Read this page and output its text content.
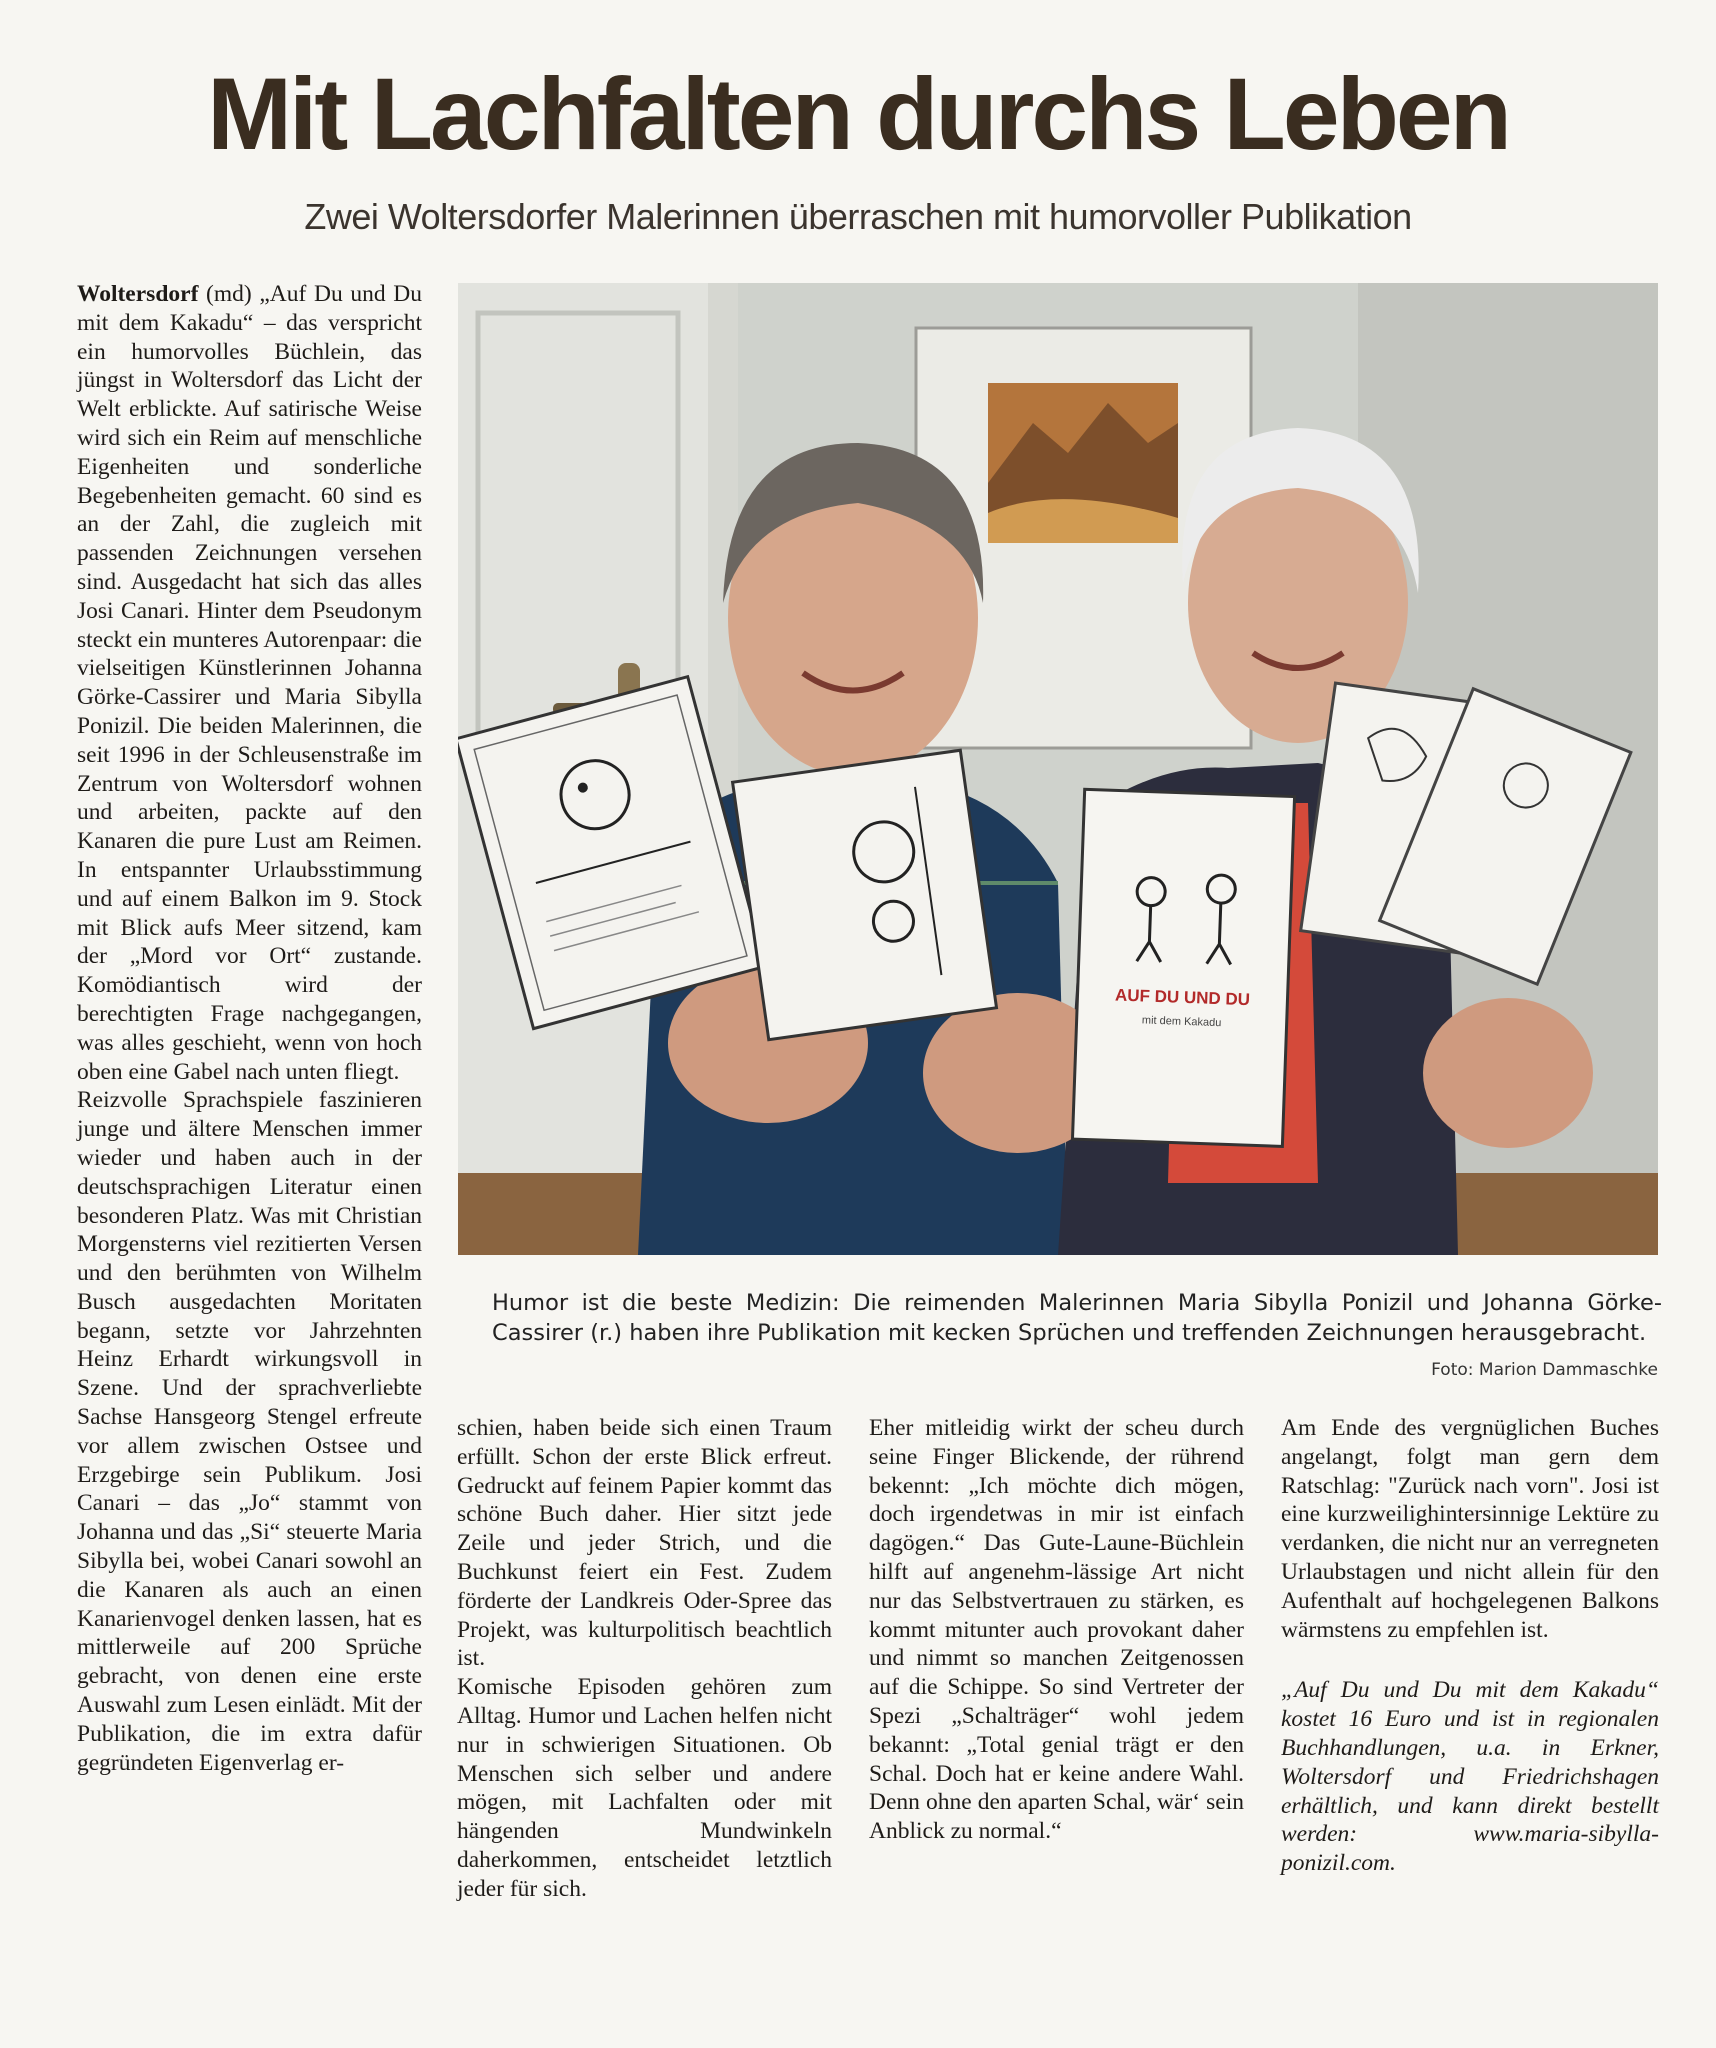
Mit Lachfalten durchs Leben
Zwei Woltersdorfer Malerinnen überraschen mit humorvoller Publikation

Woltersdorf (md) „Auf Du und Du mit dem Kakadu“ – das verspricht ein humorvolles Büchlein, das jüngst in Woltersdorf das Licht der Welt erblickte. Auf satirische Weise wird sich ein Reim auf menschliche Eigenheiten und sonderliche Begebenheiten gemacht. 60 sind es an der Zahl, die zugleich mit passenden Zeichnungen versehen sind. Ausgedacht hat sich das alles Josi Canari. Hinter dem Pseudonym steckt ein munteres Autorenpaar: die vielseitigen Künstlerinnen Johanna Görke-Cassirer und Maria Sibylla Ponizil. Die beiden Malerinnen, die seit 1996 in der Schleusenstraße im Zentrum von Woltersdorf wohnen und arbeiten, packte auf den Kanaren die pure Lust am Reimen. In entspannter Urlaubsstimmung und auf einem Balkon im 9. Stock mit Blick aufs Meer sitzend, kam der „Mord vor Ort“ zustande. Komödiantisch wird der berechtigten Frage nachgegangen, was alles geschieht, wenn von hoch oben eine Gabel nach unten fliegt.

Reizvolle Sprachspiele faszinieren junge und ältere Menschen immer wieder und haben auch in der deutschsprachigen Literatur einen besonderen Platz. Was mit Christian Morgensterns viel rezitierten Versen und den berühmten von Wilhelm Busch ausgedachten Moritaten begann, setzte vor Jahrzehnten Heinz Erhardt wirkungsvoll in Szene. Und der sprachverliebte Sachse Hansgeorg Stengel erfreute vor allem zwischen Ostsee und Erzgebirge sein Publikum. Josi Canari – das „Jo“ stammt von Johanna und das „Si“ steuerte Maria Sibylla bei, wobei Canari sowohl an die Kanaren als auch an einen Kanarienvogel denken lassen, hat es mittlerweile auf 200 Sprüche gebracht, von denen eine erste Auswahl zum Lesen einlädt. Mit der Publikation, die im extra dafür gegründeten Eigenverlag er-

AUF DU UND DU
mit dem Kakadu
Humor ist die beste Medizin: Die reimenden Malerinnen Maria Sibylla Ponizil und Johanna Görke-Cassirer (r.) haben ihre Publikation mit kecken Sprüchen und treffenden Zeichnungen herausgebracht.
Foto: Marion Dammaschke

schien, haben beide sich einen Traum erfüllt. Schon der erste Blick erfreut. Gedruckt auf feinem Papier kommt das schöne Buch daher. Hier sitzt jede Zeile und jeder Strich, und die Buchkunst feiert ein Fest. Zudem förderte der Landkreis Oder-Spree das Projekt, was kulturpolitisch beachtlich ist.

Komische Episoden gehören zum Alltag. Humor und Lachen helfen nicht nur in schwierigen Situationen. Ob Menschen sich selber und andere mögen, mit Lachfalten oder mit hängenden Mundwinkeln daherkommen, entscheidet letztlich jeder für sich.

Eher mitleidig wirkt der scheu durch seine Finger Blickende, der rührend bekennt: „Ich möchte dich mögen, doch irgendetwas in mir ist einfach dagögen.“ Das Gute-Laune-Büchlein hilft auf angenehm-lässige Art nicht nur das Selbstvertrauen zu stärken, es kommt mitunter auch provokant daher und nimmt so manchen Zeitgenossen auf die Schippe. So sind Vertreter der Spezi „Schalträger“ wohl jedem bekannt: „Total genial trägt er den Schal. Doch hat er keine andere Wahl. Denn ohne den aparten Schal, wär‘ sein Anblick zu normal.“

Am Ende des vergnüglichen Buches angelangt, folgt man gern dem Ratschlag: "Zurück nach vorn". Josi ist eine kurzweilighintersinnige Lektüre zu verdanken, die nicht nur an verregneten Urlaubstagen und nicht allein für den Aufenthalt auf hochgelegenen Balkons wärmstens zu empfehlen ist.

„Auf Du und Du mit dem Kakadu“ kostet 16 Euro und ist in regionalen Buchhandlungen, u.a. in Erkner, Woltersdorf und Friedrichshagen erhältlich, und kann direkt bestellt werden: www.maria-sibylla-ponizil.com.
